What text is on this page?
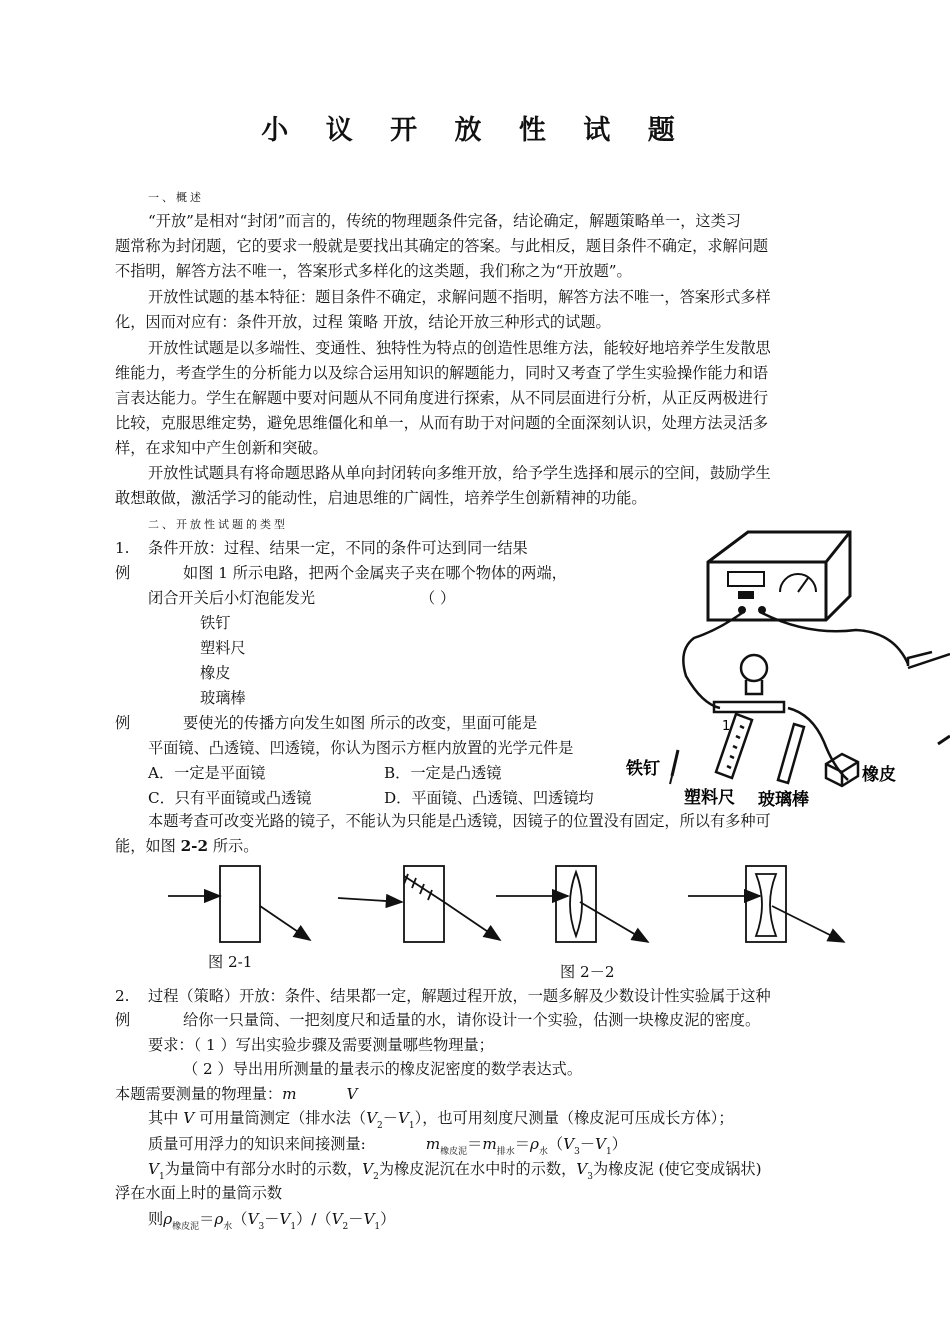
小 议 开 放 性 试 题
一、概述
“开放”是相对“封闭”而言的，传统的物理题条件完备，结论确定，解题策略单一，这类习
题常称为封闭题，它的要求一般就是要找出其确定的答案。与此相反，题目条件不确定，求解问题
不指明，解答方法不唯一，答案形式多样化的这类题，我们称之为“开放题”。
开放性试题的基本特征：题目条件不确定，求解问题不指明，解答方法不唯一，答案形式多样
化，因而对应有：条件开放，过程 策略 开放，结论开放三种形式的试题。
开放性试题是以多端性、变通性、独特性为特点的创造性思维方法，能较好地培养学生发散思
维能力，考查学生的分析能力以及综合运用知识的解题能力，同时又考查了学生实验操作能力和语
言表达能力。学生在解题中要对问题从不同角度进行探索，从不同层面进行分析，从正反两极进行
比较，克服思维定势，避免思维僵化和单一，从而有助于对问题的全面深刻认识，处理方法灵活多
样，在求知中产生创新和突破。
开放性试题具有将命题思路从单向封闭转向多维开放，给予学生选择和展示的空间，鼓励学生
敢想敢做，激活学习的能动性，启迪思维的广阔性，培养学生创新精神的功能。
二、开放性试题的类型
1. 条件开放：过程、结果一定，不同的条件可达到同一结果
例	如图 1 所示电路，把两个金属夹子夹在哪个物体的两端，
闭合开关后小灯泡能发光	（ ）
铁钉
塑料尺
橡皮
玻璃棒
例	要使光的传播方向发生如图 所示的改变，里面可能是
平面镜、凸透镜、凹透镜，你认为图示方框内放置的光学元件是
A．一定是平面镜	B．一定是凸透镜
C．只有平面镜或凸透镜	D．平面镜、凸透镜、凹透镜均
本题考查可改变光路的镜子，不能认为只能是凸透镜，因镜子的位置没有固定，所以有多种可
能，如图 2-2 所示。
1
铁钉
塑料尺 玻璃棒
橡皮
图 2-1
图 2－2
2. 过程（策略）开放：条件、结果都一定，解题过程开放，一题多解及少数设计性实验属于这种
例	给你一只量筒、一把刻度尺和适量的水，请你设计一个实验，估测一块橡皮泥的密度。
要求：（ 1 ）写出实验步骤及需要测量哪些物理量；
（ 2 ）导出用所测量的量表示的橡皮泥密度的数学表达式。
本题需要测量的物理量：m	V
其中 V 可用量筒测定（排水法$(V_2-V_1)$，也可用刻度尺测量（橡皮泥可压成长方体）；
质量可用浮力的知识来间接测量:	$m_{橡皮泥}=m_{排水}=\rho_水(V_3-V_1)$
$V_1$为量筒中有部分水时的示数，$V_2$为橡皮泥沉在水中时的示数，$V_3$为橡皮泥 (使它变成锅状)
浮在水面上时的量筒示数
则$\rho_{橡皮泥}=\rho_水(V_3-V_1)/(V_2-V_1)$
